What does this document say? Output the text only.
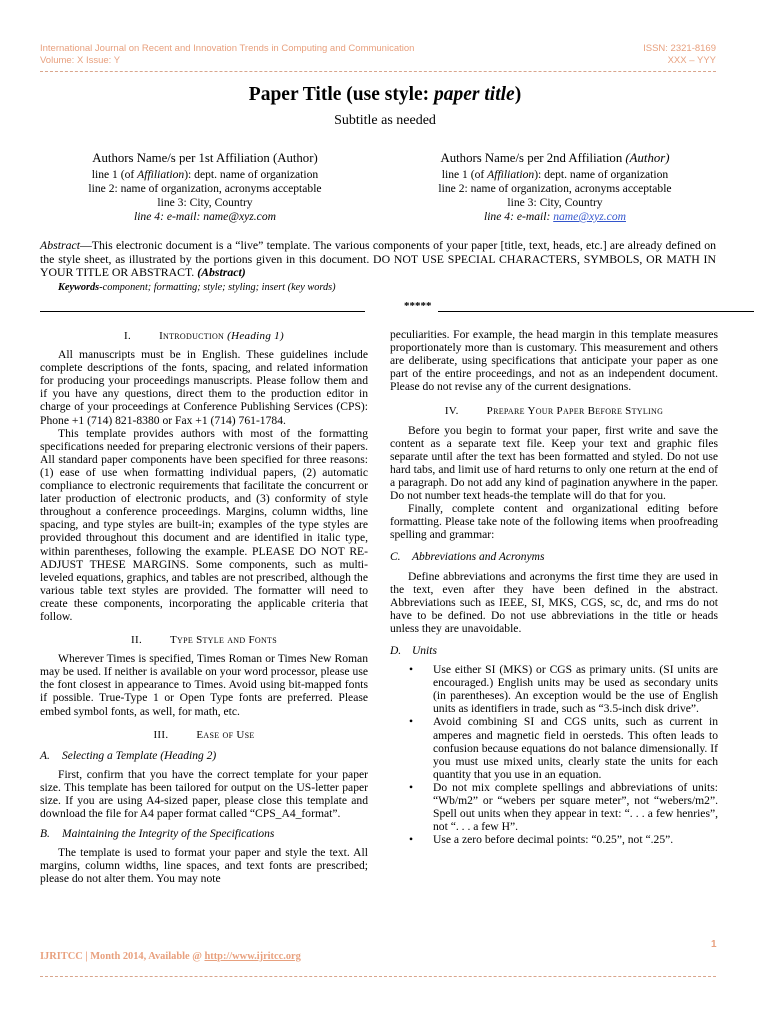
International Journal on Recent and Innovation Trends in Computing and Communication
Volume: X Issue: Y
ISSN: 2321-8169
XXX – YYY
Paper Title (use style: paper title)
Subtitle as needed
Authors Name/s per 1st Affiliation (Author)
line 1 (of Affiliation): dept. name of organization
line 2: name of organization, acronyms acceptable
line 3: City, Country
line 4: e-mail: name@xyz.com
Authors Name/s per 2nd Affiliation (Author)
line 1 (of Affiliation): dept. name of organization
line 2: name of organization, acronyms acceptable
line 3: City, Country
line 4: e-mail: name@xyz.com
Abstract—This electronic document is a “live” template. The various components of your paper [title, text, heads, etc.] are already defined on the style sheet, as illustrated by the portions given in this document. DO NOT USE SPECIAL CHARACTERS, SYMBOLS, OR MATH IN YOUR TITLE OR ABSTRACT. (Abstract)
Keywords-component; formatting; style; styling; insert (key words)
*****
I.	Introduction (Heading 1)

All manuscripts must be in English. These guidelines include complete descriptions of the fonts, spacing, and related information for producing your proceedings manuscripts. Please follow them and if you have any questions, direct them to the production editor in charge of your proceedings at Conference Publishing Services (CPS): Phone +1 (714) 821-8380 or Fax +1 (714) 761-1784.

This template provides authors with most of the formatting specifications needed for preparing electronic versions of their papers. All standard paper components have been specified for three reasons: (1) ease of use when formatting individual papers, (2) automatic compliance to electronic requirements that facilitate the concurrent or later production of electronic products, and (3) conformity of style throughout a conference proceedings. Margins, column widths, line spacing, and type styles are built-in; examples of the type styles are provided throughout this document and are identified in italic type, within parentheses, following the example. PLEASE DO NOT RE-ADJUST THESE MARGINS. Some components, such as multi-leveled equations, graphics, and tables are not prescribed, although the various table text styles are provided. The formatter will need to create these components, incorporating the applicable criteria that follow.

II.	Type Style and Fonts

Wherever Times is specified, Times Roman or Times New Roman may be used. If neither is available on your word processor, please use the font closest in appearance to Times. Avoid using bit-mapped fonts if possible. True-Type 1 or Open Type fonts are preferred. Please embed symbol fonts, as well, for math, etc.

III.	Ease of Use
A. Selecting a Template (Heading 2)

First, confirm that you have the correct template for your paper size. This template has been tailored for output on the US-letter paper size. If you are using A4-sized paper, please close this template and download the file for A4 paper format called “CPS_A4_format”.

B. Maintaining the Integrity of the Specifications

The template is used to format your paper and style the text. All margins, column widths, line spaces, and text fonts are prescribed; please do not alter them. You may note

peculiarities. For example, the head margin in this template measures proportionately more than is customary. This measurement and others are deliberate, using specifications that anticipate your paper as one part of the entire proceedings, and not as an independent document. Please do not revise any of the current designations.

IV.	Prepare Your Paper Before Styling

Before you begin to format your paper, first write and save the content as a separate text file. Keep your text and graphic files separate until after the text has been formatted and styled. Do not use hard tabs, and limit use of hard returns to only one return at the end of a paragraph. Do not add any kind of pagination anywhere in the paper. Do not number text heads-the template will do that for you.

Finally, complete content and organizational editing before formatting. Please take note of the following items when proofreading spelling and grammar:

C. Abbreviations and Acronyms

Define abbreviations and acronyms the first time they are used in the text, even after they have been defined in the abstract. Abbreviations such as IEEE, SI, MKS, CGS, sc, dc, and rms do not have to be defined. Do not use abbreviations in the title or heads unless they are unavoidable.

D. Units
• Use either SI (MKS) or CGS as primary units. (SI units are encouraged.) English units may be used as secondary units (in parentheses). An exception would be the use of English units as identifiers in trade, such as “3.5-inch disk drive”.
• Avoid combining SI and CGS units, such as current in amperes and magnetic field in oersteds. This often leads to confusion because equations do not balance dimensionally. If you must use mixed units, clearly state the units for each quantity that you use in an equation.
• Do not mix complete spellings and abbreviations of units: “Wb/m2” or “webers per square meter”, not “webers/m2”. Spell out units when they appear in text: “. . . a few henries”, not “. . . a few H”.
• Use a zero before decimal points: “0.25”, not “.25”.
1
IJRITCC | Month 2014, Available @ http://www.ijritcc.org
